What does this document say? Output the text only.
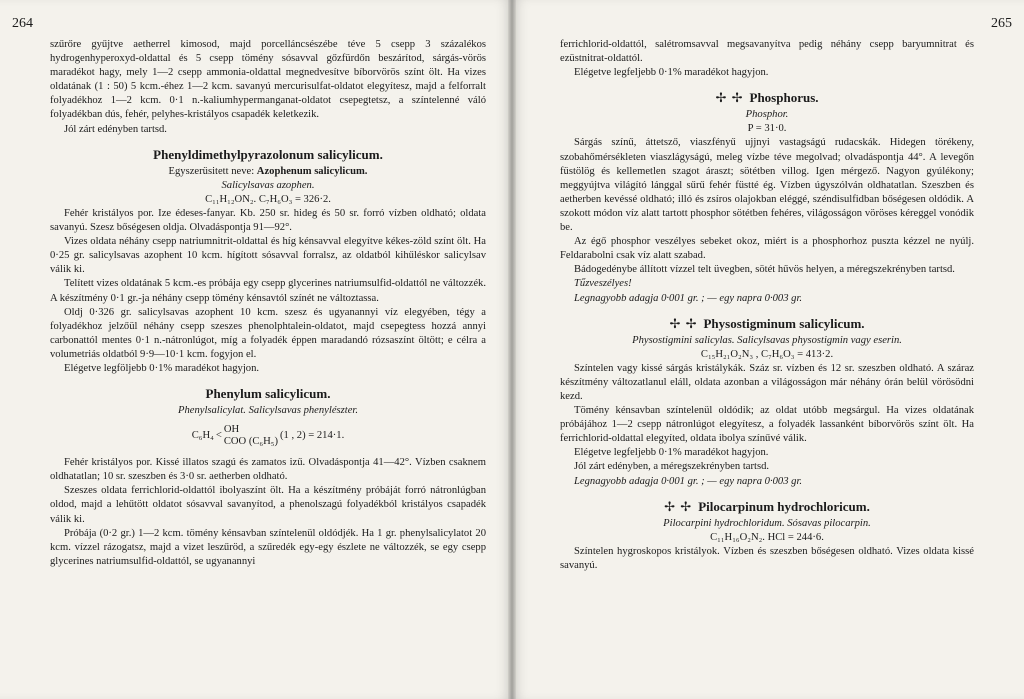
264

szűrőre gyűjtve aetherrel kimosod, majd porcelláncsészébe téve 5 csepp 3 százalékos hydrogenhyperoxyd-oldattal és 5 csepp tömény sósavval gőzfürdőn beszárítod, sárgás-vörös maradékot hagy, mely 1—2 csepp ammonia-oldattal megnedvesítve bíborvörös színt ölt. Ha vizes oldatának (1 : 50) 5 kcm.-éhez 1—2 kcm. savanyú mercurisulfat-oldatot elegyítesz, majd a felforralt folyadékhoz 1—2 kcm. 0·1 n.-kaliumhypermanganat-oldatot csepegtetsz, a színtelenné váló folyadékban dús, fehér, pelyhes-kristályos csapadék keletkezik.

Jól zárt edényben tartsd.

Phenyldimethylpyrazolonum salicylicum.

Egyszerüsitett neve: Azophenum salicylicum.

Salicylsavas azophen.

C₁₁H₁₂ON₂. C₇H₆O₃ = 326·2.

Fehér kristályos por. Ize édeses-fanyar. Kb. 250 sr. hideg és 50 sr. forró vízben oldható; oldata savanyú. Szesz bőségesen oldja. Olvadáspontja 91—92°.

Vizes oldata néhány csepp natriumnitrit-oldattal és híg kénsavval elegyítve kékes-zöld színt ölt. Ha 0·25 gr. salicylsavas azophent 10 kcm. hígított sósavval forralsz, az oldatból kihűléskor salicylsav válik ki.

Telített vizes oldatának 5 kcm.-es próbája egy csepp glycerines natriumsulfid-oldattól ne változzék. A készítmény 0·1 gr.-ja néhány csepp tömény kénsavtól színét ne változtassa.

Oldj 0·326 gr. salicylsavas azophent 10 kcm. szesz és ugyanannyi víz elegyében, tégy a folyadékhoz jelzőül néhány csepp szeszes phenolphtalein-oldatot, majd csepegtess hozzá annyi carbonattól mentes 0·1 n.-nátronlúgot, míg a folyadék éppen maradandó rózsaszínt öltött; e célra a volumetriás oldatból 9·9—10·1 kcm. fogyjon el.

Elégetve legföljebb 0·1% maradékot hagyjon.

Phenylum salicylicum.

Phenylsalicylat. Salicylsavas phenylészter.

C₆H₄ <
OH
COO (C₆H₅)
(1 , 2) = 214·1.

Fehér kristályos por. Kissé illatos szagú és zamatos izű. Olvadáspontja 41—42°. Vízben csaknem oldhatatlan; 10 sr. szeszben és 3·0 sr. aetherben oldható.

Szeszes oldata ferrichlorid-oldattól ibolyaszínt ölt. Ha a készítmény próbáját forró nátronlúgban oldod, majd a lehűtött oldatot sósavval savanyítod, a phenolszagú folyadékból kristályos csapadék válik ki.

Próbája (0·2 gr.) 1—2 kcm. tömény kénsavban színtelenül oldódjék. Ha 1 gr. phenylsalicylatot 20 kcm. vízzel rázogatsz, majd a vizet leszűröd, a szűredék egy-egy észlete ne változzék, se egy csepp glycerines natriumsulfid-oldattól, se ugyanannyi

265

ferrichlorid-oldattól, salétromsavval megsavanyítva pedig néhány csepp baryumnitrat és ezüstnitrat-oldattól.

Elégetve legfeljebb 0·1% maradékot hagyjon.

✢ ✢ Phosphorus.

Phosphor.

P = 31·0.

Sárgás színű, áttetsző, viaszfényű ujjnyi vastagságú rudacskák. Hidegen törékeny, szobahőmérsékleten viaszlágyságú, meleg vízbe téve megolvad; olvadáspontja 44°. A levegőn füstölög és kellemetlen szagot áraszt; sötétben villog. Igen mérgező. Nagyon gyúlékony; meggyújtva világító lánggal sűrű fehér füstté ég. Vízben úgyszólván oldhatatlan. Szeszben és aetherben kevéssé oldható; illó és zsíros olajokban eléggé, széndisulfidban bőségesen oldódik. A szokott módon víz alatt tartott phosphor sötétben fehéres, világosságon vöröses kéreggel vonódik be.

Az égő phosphor veszélyes sebeket okoz, miért is a phosphorhoz puszta kézzel ne nyúlj. Feldarabolni csak víz alatt szabad.

Bádogedénybe állított vízzel telt üvegben, sötét hűvös helyen, a méregszekrényben tartsd.

Tűzveszélyes!

Legnagyobb adagja 0·001 gr. ; — egy napra 0·003 gr.

✢ ✢ Physostigminum salicylicum.

Physostigmini salicylas. Salicylsavas physostigmin vagy eserin.

C₁₅H₂₁O₂N₃ , C₇H₆O₃ = 413·2.

Színtelen vagy kissé sárgás kristálykák. Száz sr. vízben és 12 sr. szeszben oldható. A száraz készítmény változatlanul eláll, oldata azonban a világosságon már néhány órán belül vörösödni kezd.

Tömény kénsavban színtelenül oldódik; az oldat utóbb megsárgul. Ha vizes oldatának próbájához 1—2 csepp nátronlúgot elegyítesz, a folyadék lassanként bíborvörös színt ölt. Ha ferrichlorid-oldattal elegyíted, oldata ibolya színűvé válik.

Elégetve legfeljebb 0·1% maradékot hagyjon.

Jól zárt edényben, a méregszekrényben tartsd.

Legnagyobb adagja 0·001 gr. ; — egy napra 0·003 gr.

✢ ✢ Pilocarpinum hydrochloricum.

Pilocarpini hydrochloridum. Sósavas pilocarpin.

C₁₁H₁₆O₂N₂. HCl = 244·6.

Színtelen hygroskopos kristályok. Vízben és szeszben bőségesen oldható. Vizes oldata kissé savanyú.
